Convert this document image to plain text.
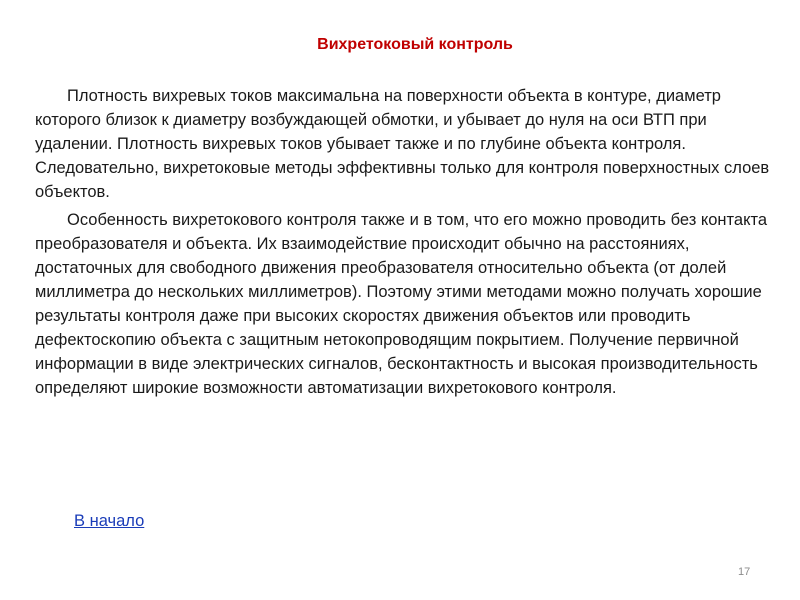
Вихретоковый контроль

Плотность вихревых токов максимальна на поверхности объекта в контуре, диаметр которого близок к диаметру возбуждающей обмотки, и убывает до нуля на оси ВТП при удалении. Плотность вихревых токов убывает также и по глубине объекта контроля. Следовательно, вихретоковые методы эффективны только для контроля поверхностных слоев объектов.

Особенность вихретокового контроля также и в том, что его можно проводить без контакта преобразователя и объекта. Их взаимодействие происходит обычно на расстояниях, достаточных для свободного движения преобразователя относительно объекта (от долей миллиметра до нескольких миллиметров). Поэтому этими методами можно получать хорошие результаты контроля даже при высоких скоростях движения объектов или проводить дефектоскопию объекта с защитным нетокопроводящим покрытием. Получение первичной информации в виде электрических сигналов, бесконтактность и высокая производительность определяют широкие возможности автоматизации вихретокового контроля.

В начало
17
